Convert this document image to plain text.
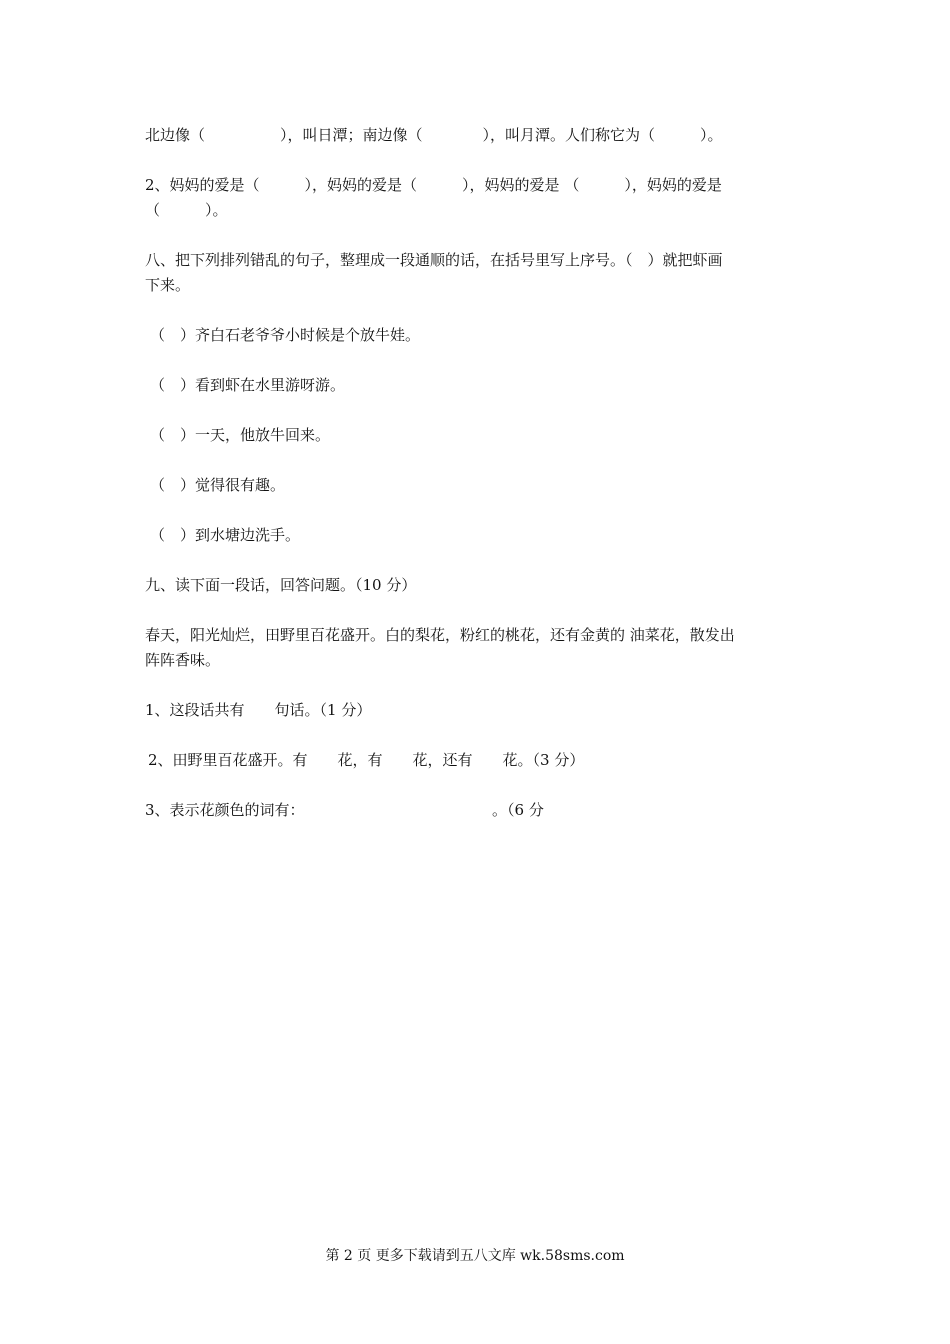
北边像（　　　　　），叫日潭；南边像（　　　　），叫月潭。人们称它为（　　　）。

2、妈妈的爱是（　　　），妈妈的爱是（　　　），妈妈的爱是 （　　　），妈妈的爱是

（　　　）。

八、把下列排列错乱的句子，整理成一段通顺的话，在括号里写上序号。（　）就把虾画

下来。

（　）齐白石老爷爷小时候是个放牛娃。

（　）看到虾在水里游呀游。

（　）一天，他放牛回来。

（　）觉得很有趣。

（　）到水塘边洗手。

九、读下面一段话，回答问题。（10 分）

春天，阳光灿烂，田野里百花盛开。白的梨花，粉红的桃花，还有金黄的 油菜花，散发出

阵阵香味。

1、这段话共有　　句话。（1 分）

2、田野里百花盛开。有　　花，有　　花，还有　　花。（3 分）

3、表示花颜色的词有：　　　　　　　　　　　　　。（6 分

第 2 页 更多下载请到五八文库 wk.58sms.com
